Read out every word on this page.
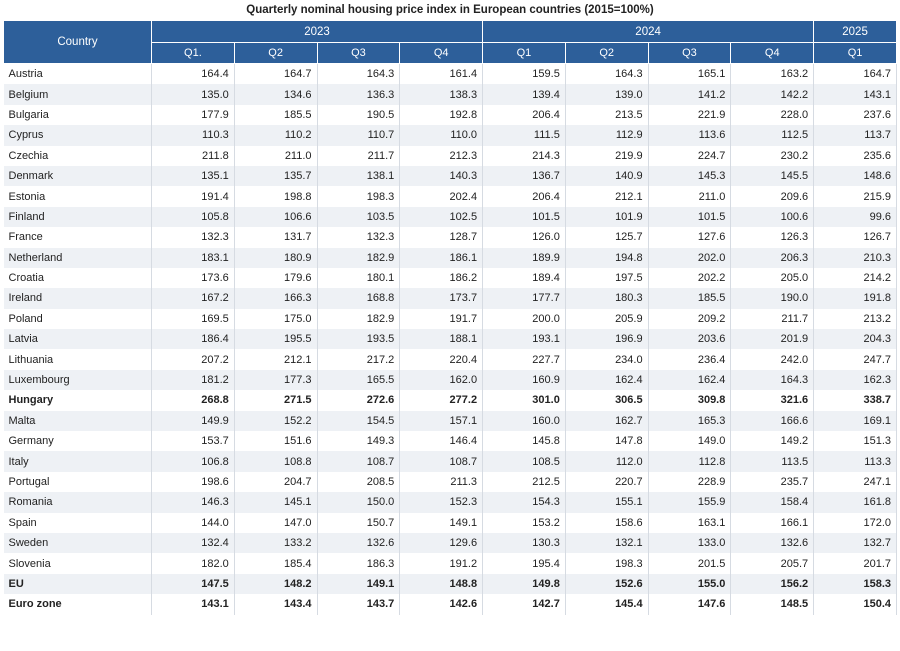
Quarterly nominal housing price index in European countries (2015=100%)
Country	2023				2024				2025
	Q1.	Q2	Q3	Q4	Q1	Q2	Q3	Q4	Q1
Austria	164.4	164.7	164.3	161.4	159.5	164.3	165.1	163.2	164.7
Belgium	135.0	134.6	136.3	138.3	139.4	139.0	141.2	142.2	143.1
Bulgaria	177.9	185.5	190.5	192.8	206.4	213.5	221.9	228.0	237.6
Cyprus	110.3	110.2	110.7	110.0	111.5	112.9	113.6	112.5	113.7
Czechia	211.8	211.0	211.7	212.3	214.3	219.9	224.7	230.2	235.6
Denmark	135.1	135.7	138.1	140.3	136.7	140.9	145.3	145.5	148.6
Estonia	191.4	198.8	198.3	202.4	206.4	212.1	211.0	209.6	215.9
Finland	105.8	106.6	103.5	102.5	101.5	101.9	101.5	100.6	99.6
France	132.3	131.7	132.3	128.7	126.0	125.7	127.6	126.3	126.7
Netherland	183.1	180.9	182.9	186.1	189.9	194.8	202.0	206.3	210.3
Croatia	173.6	179.6	180.1	186.2	189.4	197.5	202.2	205.0	214.2
Ireland	167.2	166.3	168.8	173.7	177.7	180.3	185.5	190.0	191.8
Poland	169.5	175.0	182.9	191.7	200.0	205.9	209.2	211.7	213.2
Latvia	186.4	195.5	193.5	188.1	193.1	196.9	203.6	201.9	204.3
Lithuania	207.2	212.1	217.2	220.4	227.7	234.0	236.4	242.0	247.7
Luxembourg	181.2	177.3	165.5	162.0	160.9	162.4	162.4	164.3	162.3
Hungary	268.8	271.5	272.6	277.2	301.0	306.5	309.8	321.6	338.7
Malta	149.9	152.2	154.5	157.1	160.0	162.7	165.3	166.6	169.1
Germany	153.7	151.6	149.3	146.4	145.8	147.8	149.0	149.2	151.3
Italy	106.8	108.8	108.7	108.7	108.5	112.0	112.8	113.5	113.3
Portugal	198.6	204.7	208.5	211.3	212.5	220.7	228.9	235.7	247.1
Romania	146.3	145.1	150.0	152.3	154.3	155.1	155.9	158.4	161.8
Spain	144.0	147.0	150.7	149.1	153.2	158.6	163.1	166.1	172.0
Sweden	132.4	133.2	132.6	129.6	130.3	132.1	133.0	132.6	132.7
Slovenia	182.0	185.4	186.3	191.2	195.4	198.3	201.5	205.7	201.7
EU	147.5	148.2	149.1	148.8	149.8	152.6	155.0	156.2	158.3
Euro zone	143.1	143.4	143.7	142.6	142.7	145.4	147.6	148.5	150.4
